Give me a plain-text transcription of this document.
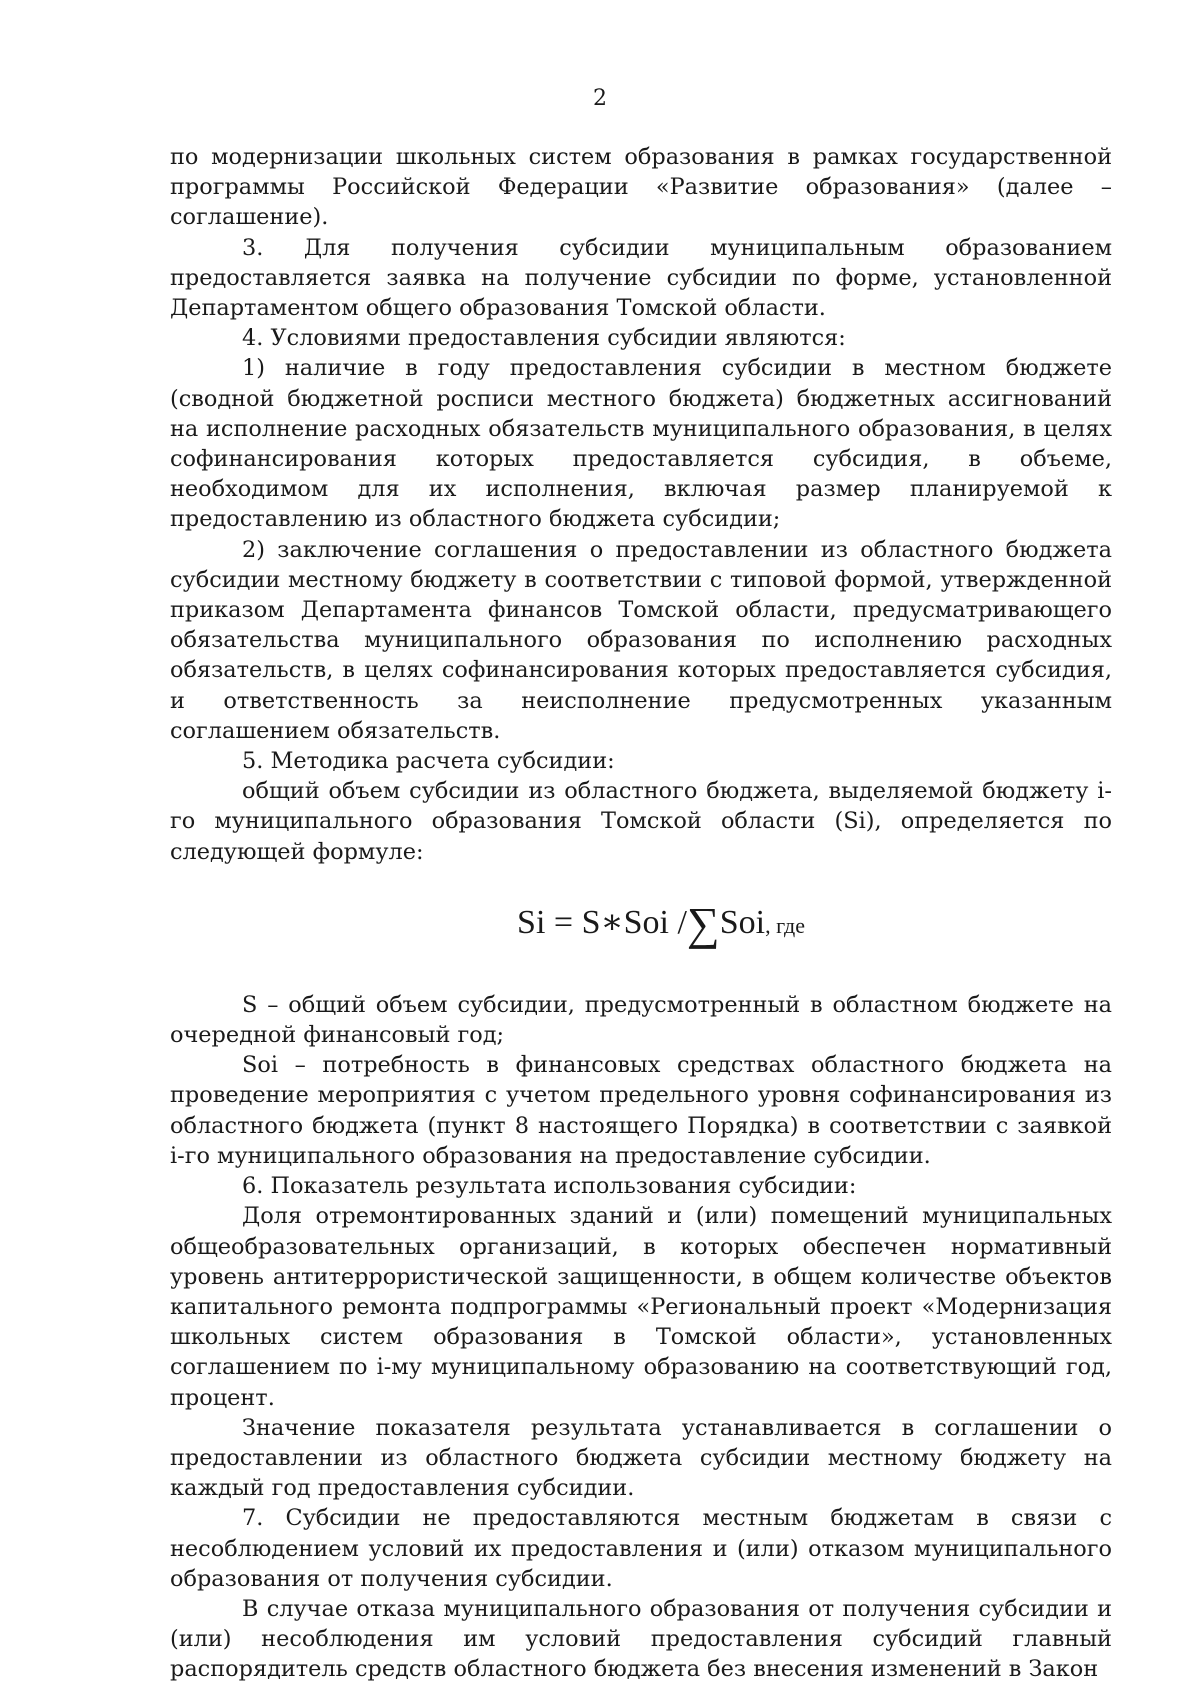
2

по модернизации школьных систем образования в рамках государственной программы Российской Федерации «Развитие образования» (далее – соглашение).

3. Для получения субсидии муниципальным образованием предоставляется заявка на получение субсидии по форме, установленной Департаментом общего образования Томской области.

4. Условиями предоставления субсидии являются:

1) наличие в году предоставления субсидии в местном бюджете (сводной бюджетной росписи местного бюджета) бюджетных ассигнований на исполнение расходных обязательств муниципального образования, в целях софинансирования которых предоставляется субсидия, в объеме, необходимом для их исполнения, включая размер планируемой к предоставлению из областного бюджета субсидии;

2) заключение соглашения о предоставлении из областного бюджета субсидии местному бюджету в соответствии с типовой формой, утвержденной приказом Департамента финансов Томской области, предусматривающего обязательства муниципального образования по исполнению расходных обязательств, в целях софинансирования которых предоставляется субсидия, и ответственность за неисполнение предусмотренных указанным соглашением обязательств.

5. Методика расчета субсидии:

общий объем субсидии из областного бюджета, выделяемой бюджету i-го муниципального образования Томской области (Si), определяется по следующей формуле:

Si = S∗Soi /∑Soi, где

S – общий объем субсидии, предусмотренный в областном бюджете на очередной финансовый год;

Soi – потребность в финансовых средствах областного бюджета на проведение мероприятия с учетом предельного уровня софинансирования из областного бюджета (пункт 8 настоящего Порядка) в соответствии с заявкой i-го муниципального образования на предоставление субсидии.

6. Показатель результата использования субсидии:

Доля отремонтированных зданий и (или) помещений муниципальных общеобразовательных организаций, в которых обеспечен нормативный уровень антитеррористической защищенности, в общем количестве объектов капитального ремонта подпрограммы «Региональный проект «Модернизация школьных систем образования в Томской области», установленных соглашением по i-му муниципальному образованию на соответствующий год, процент.

Значение показателя результата устанавливается в соглашении о предоставлении из областного бюджета субсидии местному бюджету на каждый год предоставления субсидии.

7. Субсидии не предоставляются местным бюджетам в связи с несоблюдением условий их предоставления и (или) отказом муниципального образования от получения субсидии.

В случае отказа муниципального образования от получения субсидии и (или) несоблюдения им условий предоставления субсидий главный распорядитель средств областного бюджета без внесения изменений в Закон
